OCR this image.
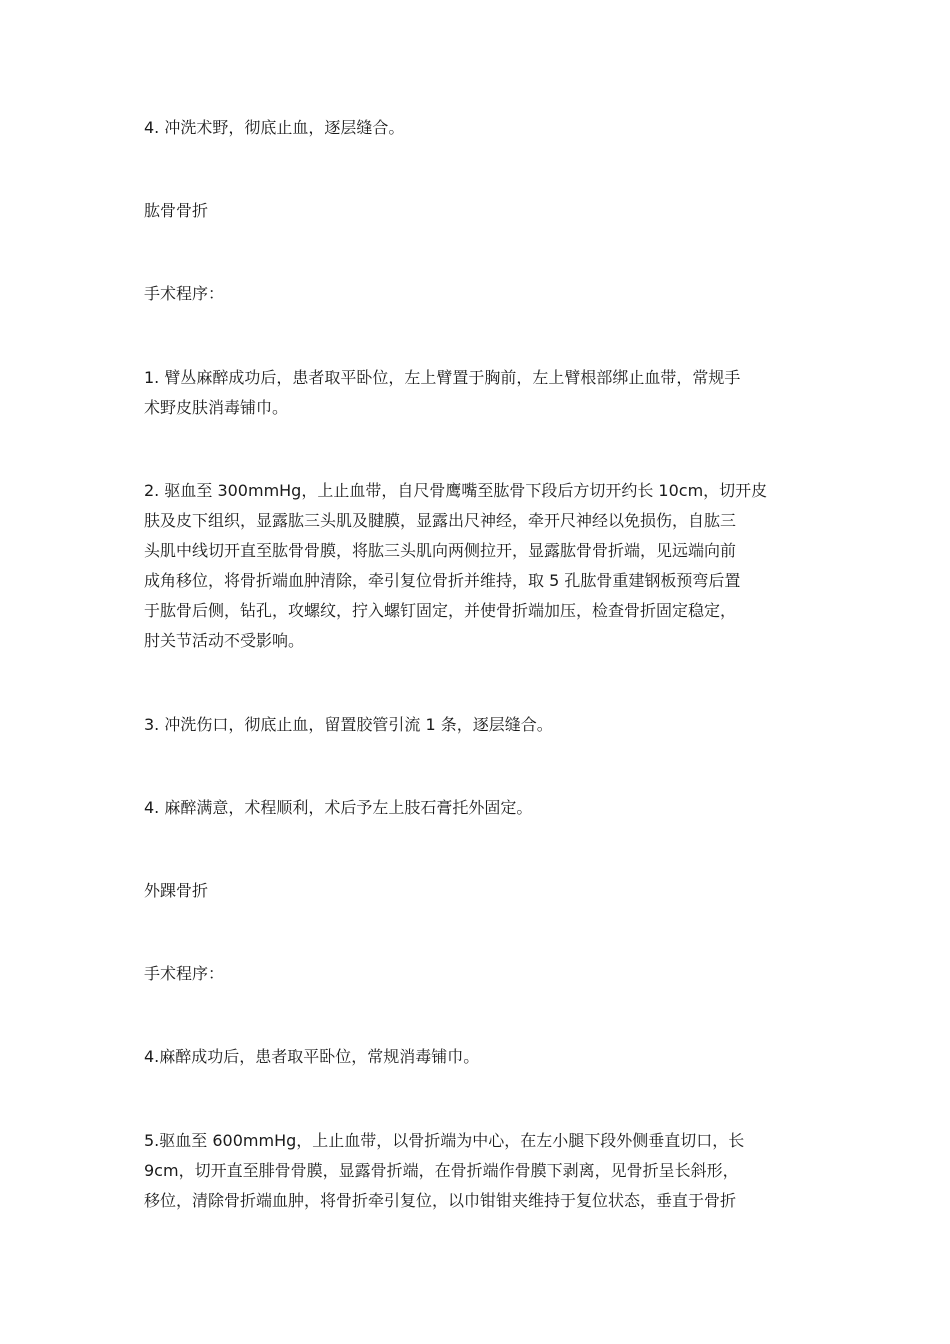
4. 冲洗术野，彻底止血，逐层缝合。

肱骨骨折

手术程序：

1. 臂丛麻醉成功后，患者取平卧位，左上臂置于胸前，左上臂根部绑止血带，常规手
术野皮肤消毒铺巾。

2. 驱血至 300mmHg，上止血带，自尺骨鹰嘴至肱骨下段后方切开约长 10cm，切开皮
肤及皮下组织，显露肱三头肌及腱膜，显露出尺神经，牵开尺神经以免损伤，自肱三
头肌中线切开直至肱骨骨膜，将肱三头肌向两侧拉开，显露肱骨骨折端，见远端向前
成角移位，将骨折端血肿清除，牵引复位骨折并维持，取 5 孔肱骨重建钢板预弯后置
于肱骨后侧，钻孔，攻螺纹，拧入螺钉固定，并使骨折端加压，检查骨折固定稳定，
肘关节活动不受影响。

3. 冲洗伤口，彻底止血，留置胶管引流 1 条，逐层缝合。

4. 麻醉满意，术程顺利，术后予左上肢石膏托外固定。

外踝骨折

手术程序：

4.麻醉成功后，患者取平卧位，常规消毒铺巾。

5.驱血至 600mmHg，上止血带，以骨折端为中心，在左小腿下段外侧垂直切口，长
9cm，切开直至腓骨骨膜，显露骨折端，在骨折端作骨膜下剥离，见骨折呈长斜形，
移位，清除骨折端血肿，将骨折牵引复位，以巾钳钳夹维持于复位状态，垂直于骨折
